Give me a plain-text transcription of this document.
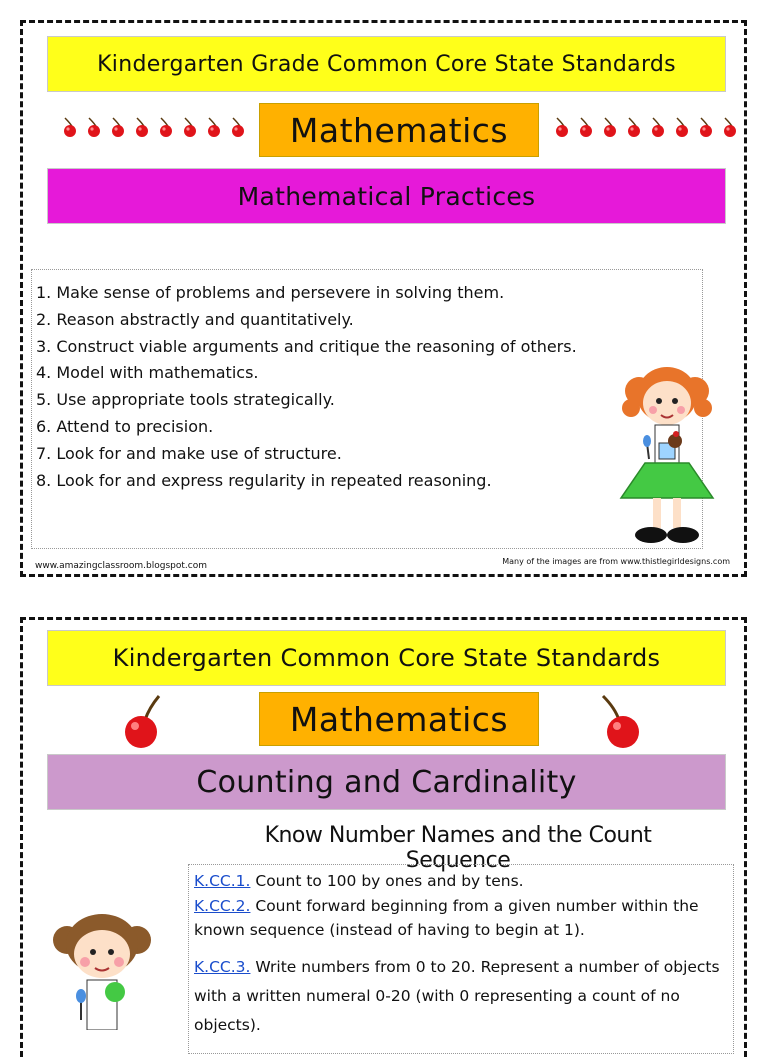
Kindergarten Grade Common Core State Standards
Mathematics
Mathematical Practices
1. Make sense of problems and persevere in solving them.
2. Reason abstractly and quantitatively.
3. Construct viable arguments and critique the reasoning of others.
4. Model with mathematics.
5. Use appropriate tools strategically.
6. Attend to precision.
7. Look for and make use of structure.
8. Look for and express regularity in repeated reasoning.
www.amazingclassroom.blogspot.com	Many of the images are from www.thistlegirldesigns.com
Kindergarten Common Core State Standards
Mathematics
Counting and Cardinality
Know Number Names and the Count Sequence

K.CC.1. Count to 100 by ones and by tens.
K.CC.2. Count forward beginning from a given number within the known sequence (instead of having to begin at 1).

K.CC.3. Write numbers from 0 to 20. Represent a number of objects with a written numeral 0-20 (with 0 representing a count of no objects).
